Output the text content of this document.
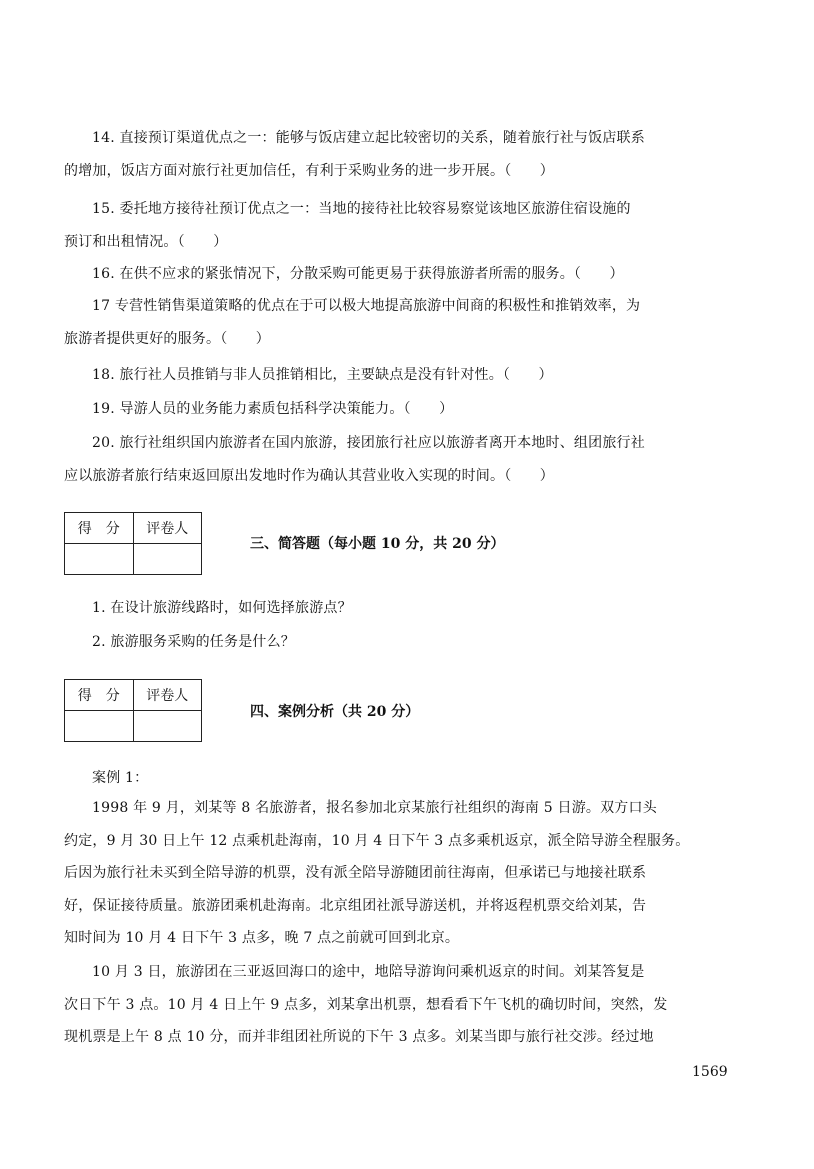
14. 直接预订渠道优点之一：能够与饭店建立起比较密切的关系，随着旅行社与饭店联系
的增加，饭店方面对旅行社更加信任，有利于采购业务的进一步开展。（　　）
15. 委托地方接待社预订优点之一：当地的接待社比较容易察觉该地区旅游住宿设施的
预订和出租情况。（　　）
16. 在供不应求的紧张情况下，分散采购可能更易于获得旅游者所需的服务。（　　）
17 专营性销售渠道策略的优点在于可以极大地提高旅游中间商的积极性和推销效率，为
旅游者提供更好的服务。（　　）
18. 旅行社人员推销与非人员推销相比，主要缺点是没有针对性。（　　）
19. 导游人员的业务能力素质包括科学决策能力。（　　）
20. 旅行社组织国内旅游者在国内旅游，接团旅行社应以旅游者离开本地时、组团旅行社
应以旅游者旅行结束返回原出发地时作为确认其营业收入实现的时间。（　　）
得　分	评卷人

三、简答题（每小题 10 分，共 20 分）
1. 在设计旅游线路时，如何选择旅游点？
2. 旅游服务采购的任务是什么？
得　分	评卷人

四、案例分析（共 20 分）
案例 1：
1998 年 9 月，刘某等 8 名旅游者，报名参加北京某旅行社组织的海南 5 日游。双方口头
约定，9 月 30 日上午 12 点乘机赴海南，10 月 4 日下午 3 点多乘机返京，派全陪导游全程服务。
后因为旅行社未买到全陪导游的机票，没有派全陪导游随团前往海南，但承诺已与地接社联系
好，保证接待质量。旅游团乘机赴海南。北京组团社派导游送机，并将返程机票交给刘某，告
知时间为 10 月 4 日下午 3 点多，晚 7 点之前就可回到北京。
10 月 3 日，旅游团在三亚返回海口的途中，地陪导游询问乘机返京的时间。刘某答复是
次日下午 3 点。10 月 4 日上午 9 点多，刘某拿出机票，想看看下午飞机的确切时间，突然，发
现机票是上午 8 点 10 分，而并非组团社所说的下午 3 点多。刘某当即与旅行社交涉。经过地
1569
